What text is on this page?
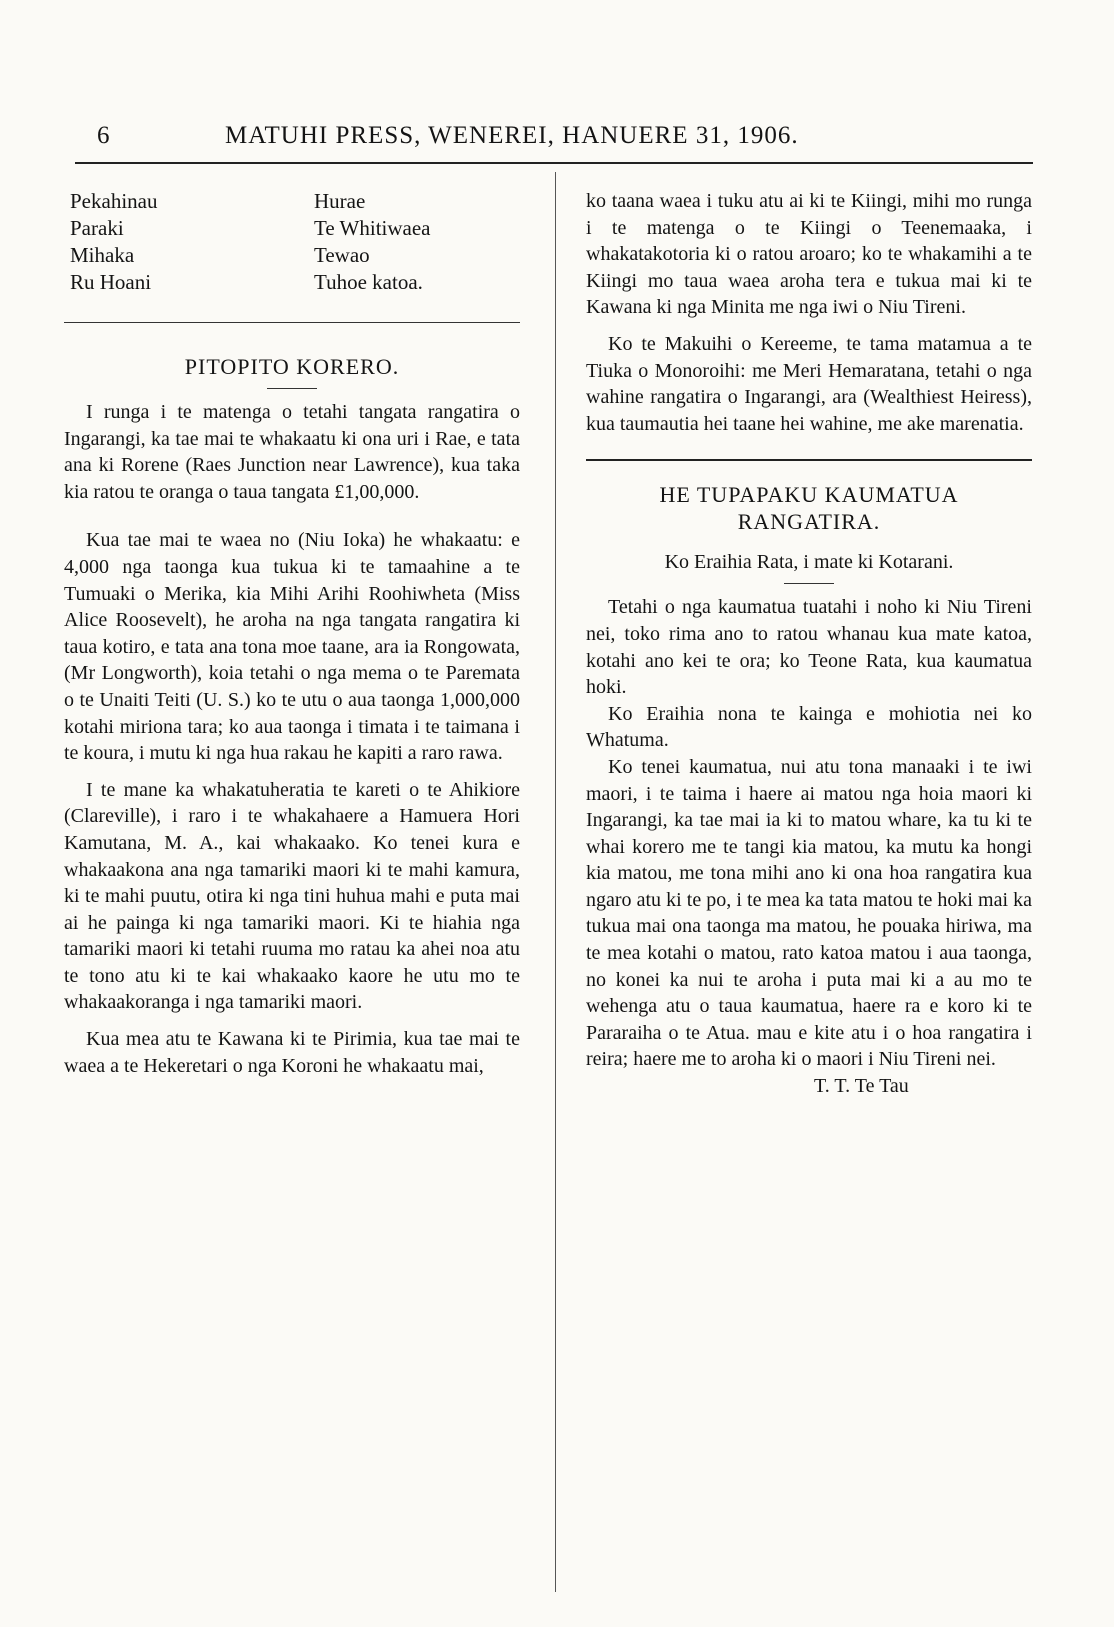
6	MATUHI PRESS, WENEREI, HANUERE 31, 1906.
Pekahinau
Paraki
Mihaka
Ru Hoani
Hurae
Te Whitiwaea
Tewao
Tuhoe katoa.
PITOPITO KORERO.

I runga i te matenga o tetahi tangata rangatira o Ingarangi, ka tae mai te whakaatu ki ona uri i Rae, e tata ana ki Rorene (Raes Junction near Lawrence), kua taka kia ratou te oranga o taua tangata £1,00,000.

Kua tae mai te waea no (Niu Ioka) he whakaatu: e 4,000 nga taonga kua tukua ki te tamaahine a te Tumuaki o Merika, kia Mihi Arihi Roohiwheta (Miss Alice Roosevelt), he aroha na nga tangata rangatira ki taua kotiro, e tata ana tona moe taane, ara ia Rongowata, (Mr Longworth), koia tetahi o nga mema o te Paremata o te Unaiti Teiti (U. S.) ko te utu o aua taonga 1,000,000 kotahi miriona tara; ko aua taonga i timata i te taimana i te koura, i mutu ki nga hua rakau he kapiti a raro rawa.

I te mane ka whakatuheratia te kareti o te Ahikiore (Clareville), i raro i te whakahaere a Hamuera Hori Kamutana, M. A., kai whakaako. Ko tenei kura e whakaakona ana nga tamariki maori ki te mahi kamura, ki te mahi puutu, otira ki nga tini huhua mahi e puta mai ai he painga ki nga tamariki maori. Ki te hiahia nga tamariki maori ki tetahi ruuma mo ratau ka ahei noa atu te tono atu ki te kai whakaako kaore he utu mo te whakaakoranga i nga tamariki maori.

Kua mea atu te Kawana ki te Pirimia, kua tae mai te waea a te Hekeretari o nga Koroni he whakaatu mai,

ko taana waea i tuku atu ai ki te Kiingi, mihi mo runga i te matenga o te Kiingi o Teenemaaka, i whakatakotoria ki o ratou aroaro; ko te whakamihi a te Kiingi mo taua waea aroha tera e tukua mai ki te Kawana ki nga Minita me nga iwi o Niu Tireni.

Ko te Makuihi o Kereeme, te tama matamua a te Tiuka o Monoroihi: me Meri Hemaratana, tetahi o nga wahine rangatira o Ingarangi, ara (Wealthiest Heiress), kua taumautia hei taane hei wahine, me ake marenatia.

HE TUPAPAKU KAUMATUA
RANGATIRA.
Ko Eraihia Rata, i mate ki Kotarani.

Tetahi o nga kaumatua tuatahi i noho ki Niu Tireni nei, toko rima ano to ratou whanau kua mate katoa, kotahi ano kei te ora; ko Teone Rata, kua kaumatua hoki.

Ko Eraihia nona te kainga e mohiotia nei ko Whatuma.

Ko tenei kaumatua, nui atu tona manaaki i te iwi maori, i te taima i haere ai matou nga hoia maori ki Ingarangi, ka tae mai ia ki to matou whare, ka tu ki te whai korero me te tangi kia matou, ka mutu ka hongi kia matou, me tona mihi ano ki ona hoa rangatira kua ngaro atu ki te po, i te mea ka tata matou te hoki mai ka tukua mai ona taonga ma matou, he pouaka hiriwa, ma te mea kotahi o matou, rato katoa matou i aua taonga, no konei ka nui te aroha i puta mai ki a au mo te wehenga atu o taua kaumatua, haere ra e koro ki te Pararaiha o te Atua. mau e kite atu i o hoa rangatira i reira; haere me to aroha ki o maori i Niu Tireni nei.

T. T. Te Tau
